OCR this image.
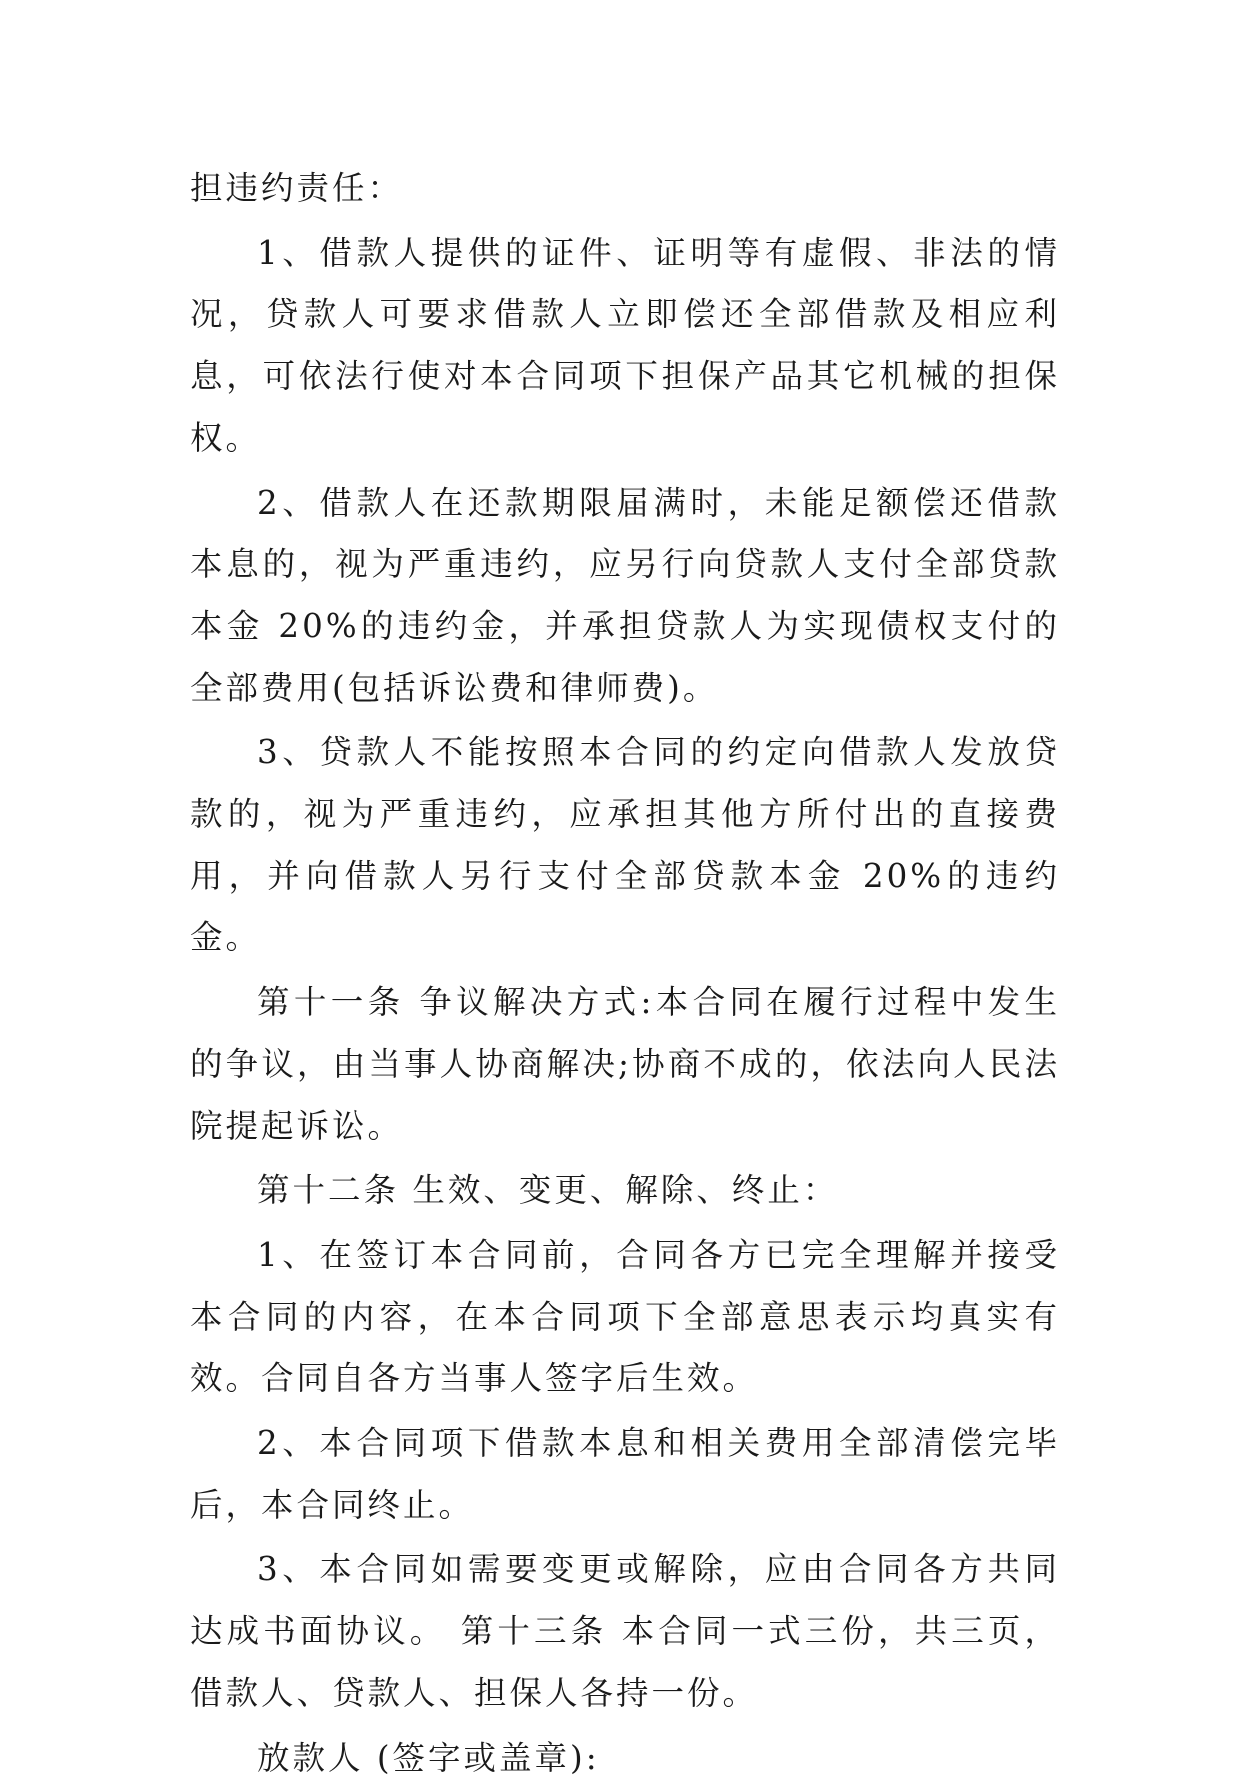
担违约责任：

1、借款人提供的证件、证明等有虚假、非法的情况，贷款人可要求借款人立即偿还全部借款及相应利息，可依法行使对本合同项下担保产品其它机械的担保权。

2、借款人在还款期限届满时，未能足额偿还借款本息的，视为严重违约，应另行向贷款人支付全部贷款本金 20%的违约金，并承担贷款人为实现债权支付的全部费用(包括诉讼费和律师费)。

3、贷款人不能按照本合同的约定向借款人发放贷款的，视为严重违约，应承担其他方所付出的直接费用，并向借款人另行支付全部贷款本金 20%的违约金。

第十一条 争议解决方式:本合同在履行过程中发生的争议，由当事人协商解决;协商不成的，依法向人民法院提起诉讼。

第十二条 生效、变更、解除、终止：

1、在签订本合同前，合同各方已完全理解并接受本合同的内容，在本合同项下全部意思表示均真实有效。合同自各方当事人签字后生效。

2、本合同项下借款本息和相关费用全部清偿完毕后，本合同终止。

3、本合同如需要变更或解除，应由合同各方共同达成书面协议。 第十三条 本合同一式三份，共三页， 借款人、贷款人、担保人各持一份。

放款人 (签字或盖章):
